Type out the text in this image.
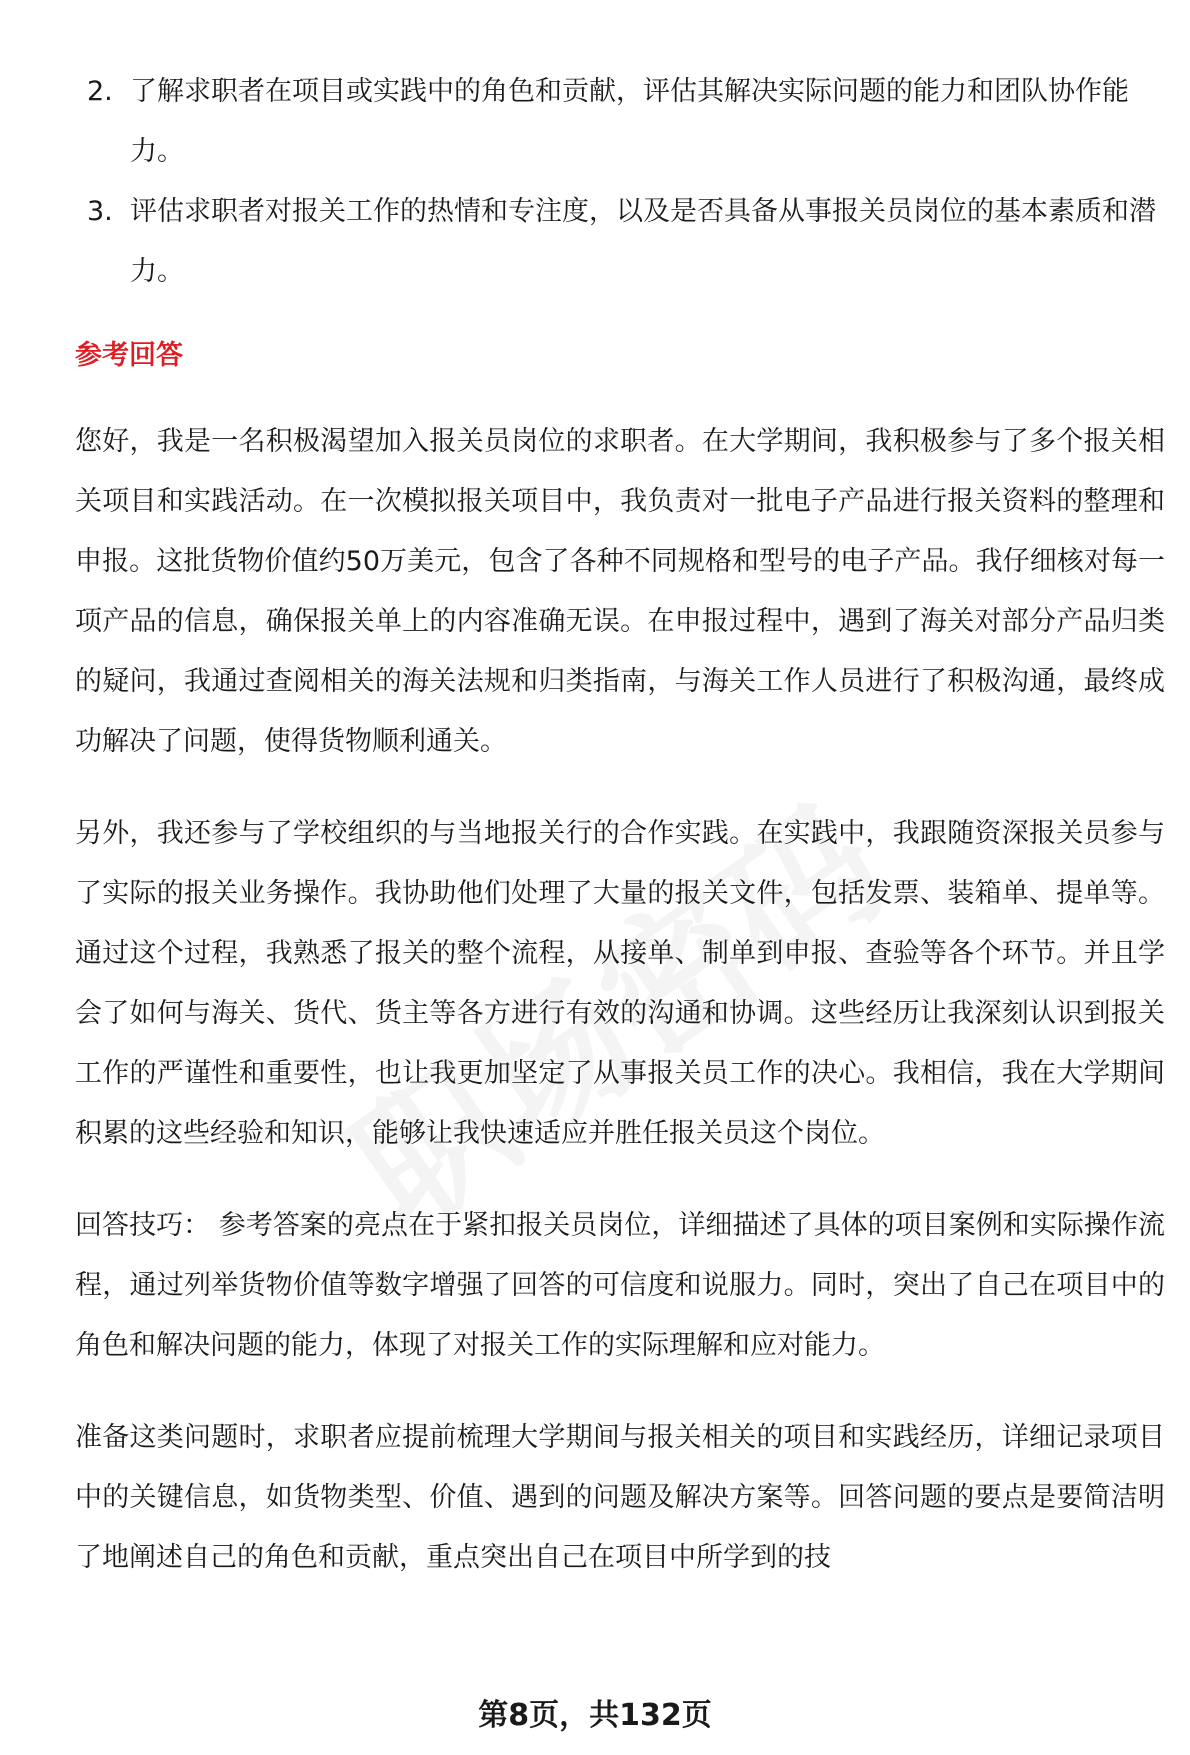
2. 了解求职者在项目或实践中的角色和贡献，评估其解决实际问题的能力和团队协作能力。
3. 评估求职者对报关工作的热情和专注度，以及是否具备从事报关员岗位的基本素质和潜力。
参考回答

您好，我是一名积极渴望加入报关员岗位的求职者。在大学期间，我积极参与了多个报关相关项目和实践活动。在一次模拟报关项目中，我负责对一批电子产品进行报关资料的整理和申报。这批货物价值约50万美元，包含了各种不同规格和型号的电子产品。我仔细核对每一项产品的信息，确保报关单上的内容准确无误。在申报过程中，遇到了海关对部分产品归类的疑问，我通过查阅相关的海关法规和归类指南，与海关工作人员进行了积极沟通，最终成功解决了问题，使得货物顺利通关。

另外，我还参与了学校组织的与当地报关行的合作实践。在实践中，我跟随资深报关员参与了实际的报关业务操作。我协助他们处理了大量的报关文件，包括发票、装箱单、提单等。通过这个过程，我熟悉了报关的整个流程，从接单、制单到申报、查验等各个环节。并且学会了如何与海关、货代、货主等各方进行有效的沟通和协调。这些经历让我深刻认识到报关工作的严谨性和重要性，也让我更加坚定了从事报关员工作的决心。我相信，我在大学期间积累的这些经验和知识，能够让我快速适应并胜任报关员这个岗位。

回答技巧： 参考答案的亮点在于紧扣报关员岗位，详细描述了具体的项目案例和实际操作流程，通过列举货物价值等数字增强了回答的可信度和说服力。同时，突出了自己在项目中的角色和解决问题的能力，体现了对报关工作的实际理解和应对能力。

准备这类问题时，求职者应提前梳理大学期间与报关相关的项目和实践经历，详细记录项目中的关键信息，如货物类型、价值、遇到的问题及解决方案等。回答问题的要点是要简洁明了地阐述自己的角色和贡献，重点突出自己在项目中所学到的技

第8页，共132页
